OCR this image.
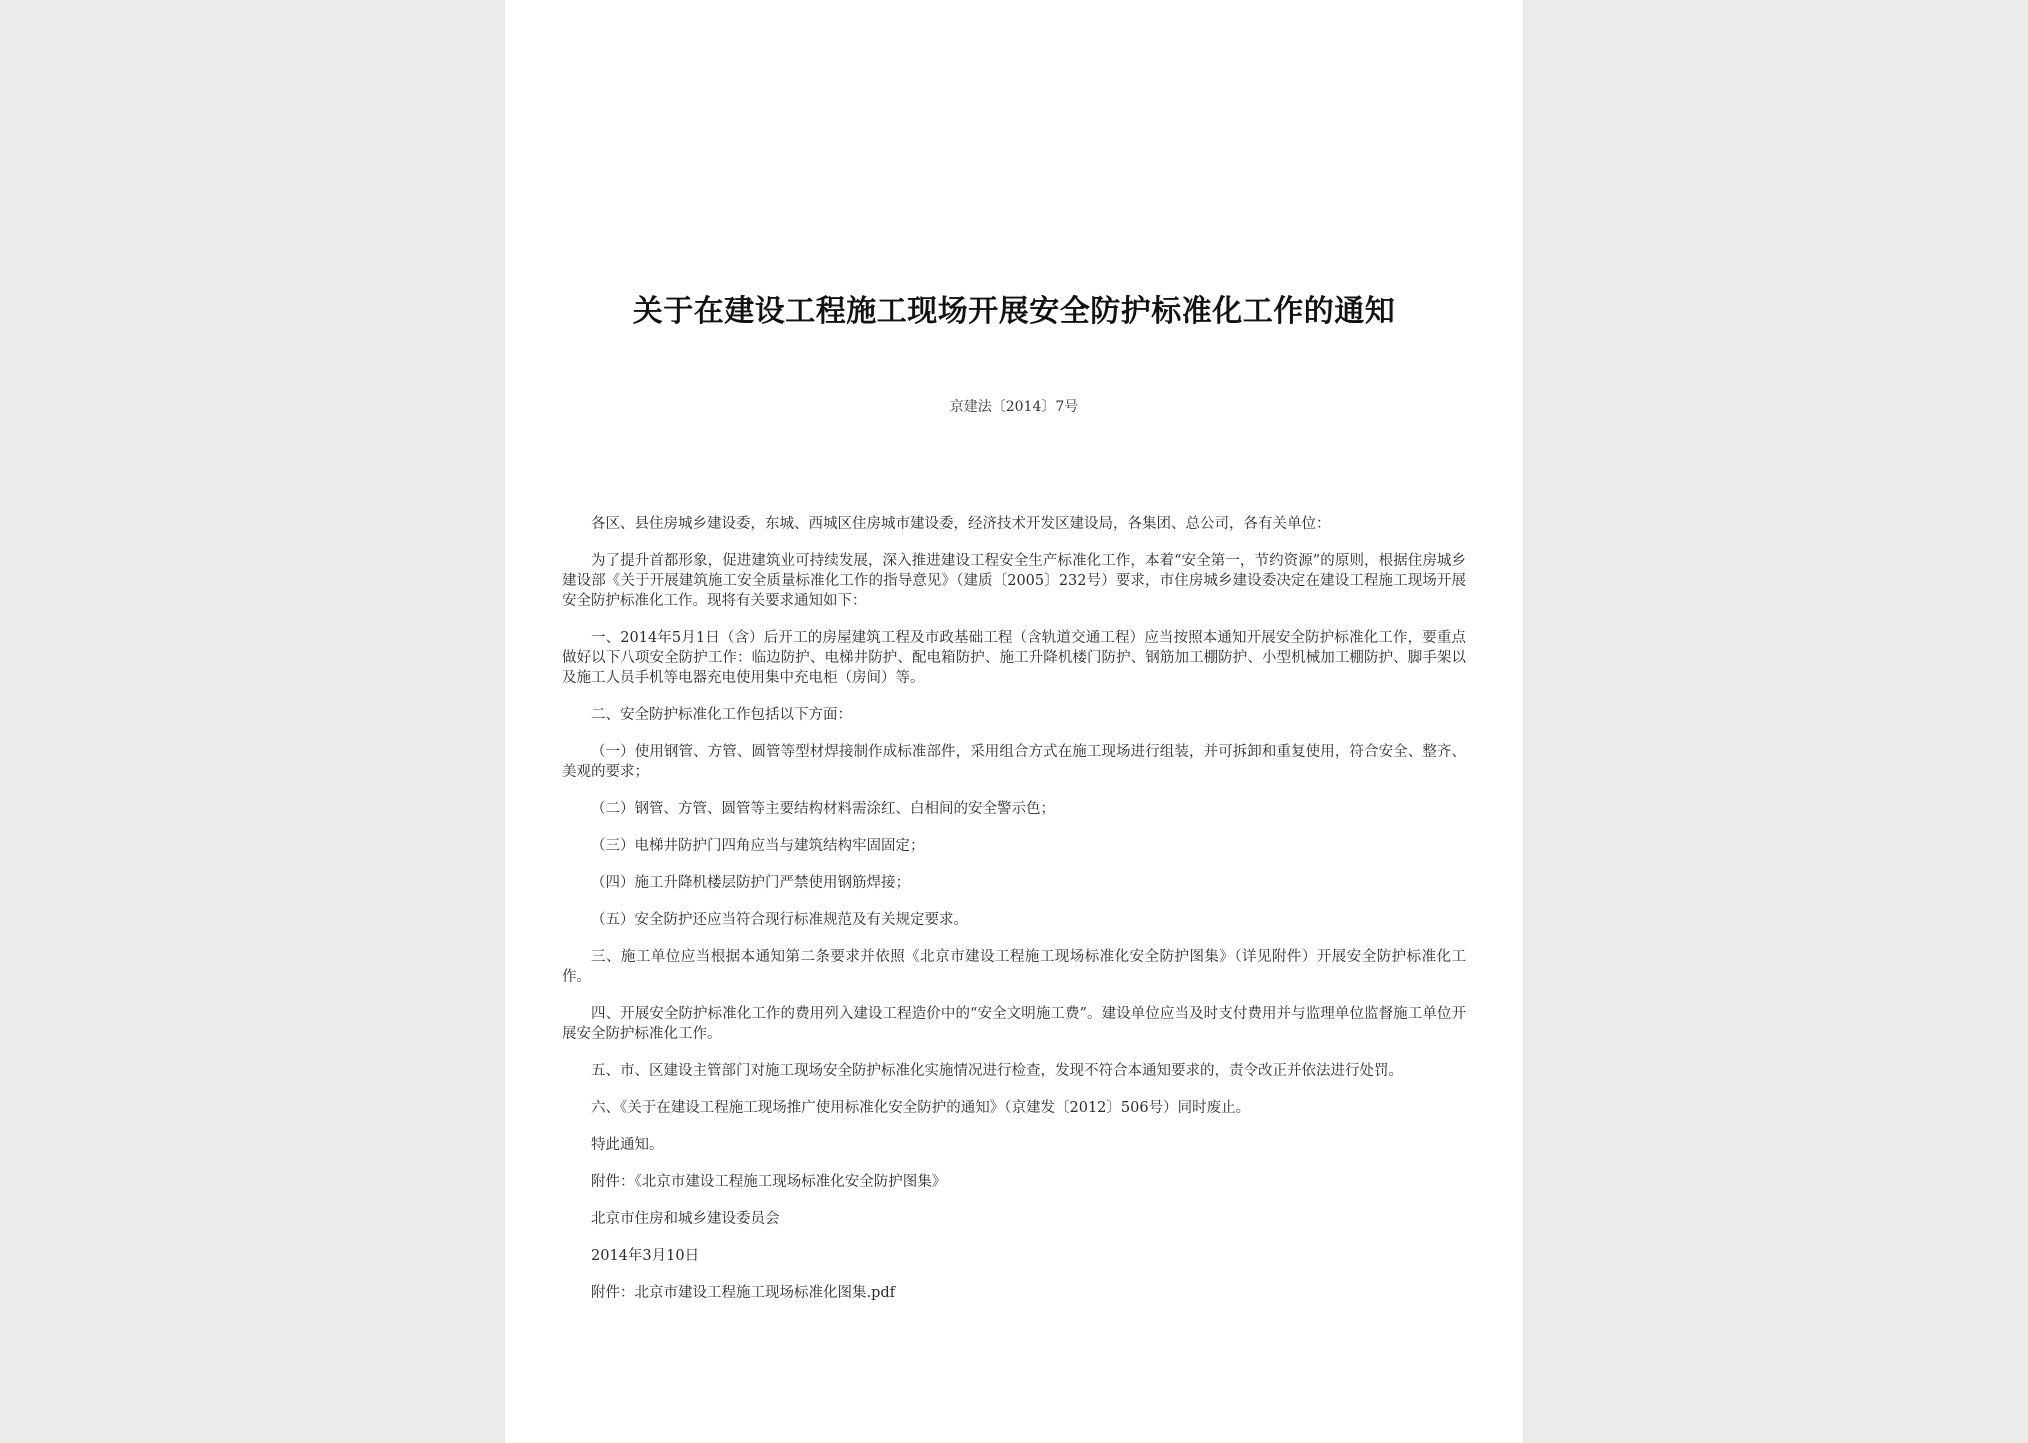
关于在建设工程施工现场开展安全防护标准化工作的通知
京建法〔2014〕7号

各区、县住房城乡建设委，东城、西城区住房城市建设委，经济技术开发区建设局，各集团、总公司，各有关单位：

为了提升首都形象，促进建筑业可持续发展，深入推进建设工程安全生产标准化工作，本着“安全第一，节约资源”的原则，根据住房城乡建设部《关于开展建筑施工安全质量标准化工作的指导意见》（建质〔2005〕232号）要求，市住房城乡建设委决定在建设工程施工现场开展安全防护标准化工作。现将有关要求通知如下：

一、2014年5月1日（含）后开工的房屋建筑工程及市政基础工程（含轨道交通工程）应当按照本通知开展安全防护标准化工作，要重点做好以下八项安全防护工作：临边防护、电梯井防护、配电箱防护、施工升降机楼门防护、钢筋加工棚防护、小型机械加工棚防护、脚手架以及施工人员手机等电器充电使用集中充电柜（房间）等。

二、安全防护标准化工作包括以下方面：

（一）使用钢管、方管、圆管等型材焊接制作成标准部件，采用组合方式在施工现场进行组装，并可拆卸和重复使用，符合安全、整齐、美观的要求；

（二）钢管、方管、圆管等主要结构材料需涂红、白相间的安全警示色；

（三）电梯井防护门四角应当与建筑结构牢固固定；

（四）施工升降机楼层防护门严禁使用钢筋焊接；

（五）安全防护还应当符合现行标准规范及有关规定要求。

三、施工单位应当根据本通知第二条要求并依照《北京市建设工程施工现场标准化安全防护图集》（详见附件）开展安全防护标准化工作。

四、开展安全防护标准化工作的费用列入建设工程造价中的“安全文明施工费”。建设单位应当及时支付费用并与监理单位监督施工单位开展安全防护标准化工作。

五、市、区建设主管部门对施工现场安全防护标准化实施情况进行检查，发现不符合本通知要求的，责令改正并依法进行处罚。

六、《关于在建设工程施工现场推广使用标准化安全防护的通知》（京建发〔2012〕506号）同时废止。

特此通知。

附件：《北京市建设工程施工现场标准化安全防护图集》

北京市住房和城乡建设委员会

2014年3月10日

附件：北京市建设工程施工现场标准化图集.pdf
